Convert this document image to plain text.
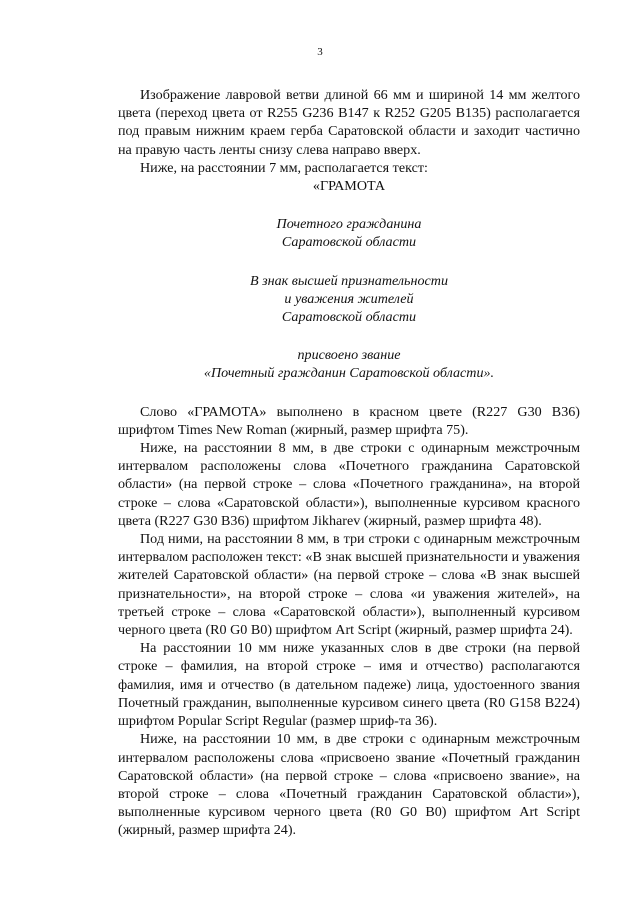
3

Изображение лавровой ветви длиной 66 мм и шириной 14 мм желтого цвета (переход цвета от R255 G236 B147 к R252 G205 B135) располагается под правым нижним краем герба Саратовской области и заходит частично на правую часть ленты снизу слева направо вверх.

Ниже, на расстоянии 7 мм, располагается текст:

«ГРАМОТА

Почетного гражданина

Саратовской области

В знак высшей признательности

и уважения жителей

Саратовской области

присвоено звание

«Почетный гражданин Саратовской области».

Слово «ГРАМОТА» выполнено в красном цвете (R227 G30 B36) шрифтом Times New Roman (жирный, размер шрифта 75).

Ниже, на расстоянии 8 мм, в две строки с одинарным межстрочным интервалом расположены слова «Почетного гражданина Саратовской области» (на первой строке – слова «Почетного гражданина», на второй строке – слова «Саратовской области»), выполненные курсивом красного цвета (R227 G30 B36) шрифтом Jikharev (жирный, размер шрифта 48).

Под ними, на расстоянии 8 мм, в три строки с одинарным межстрочным интервалом расположен текст: «В знак высшей признательности и уважения жителей Саратовской области» (на первой строке – слова «В знак высшей признательности», на второй строке – слова «и уважения жителей», на третьей строке – слова «Саратовской области»), выполненный курсивом черного цвета (R0 G0 B0) шрифтом Art Script (жирный, размер шрифта 24).

На расстоянии 10 мм ниже указанных слов в две строки (на первой строке – фамилия, на второй строке – имя и отчество) располагаются фамилия, имя и отчество (в дательном падеже) лица, удостоенного звания Почетный гражданин, выполненные курсивом синего цвета (R0 G158 B224) шрифтом Popular Script Regular (размер шриф-та 36).

Ниже, на расстоянии 10 мм, в две строки с одинарным межстрочным интервалом расположены слова «присвоено звание «Почетный гражданин Саратовской области» (на первой строке – слова «присвоено звание», на второй строке – слова «Почетный гражданин Саратовской области»), выполненные курсивом черного цвета (R0 G0 B0) шрифтом Art Script (жирный, размер шрифта 24).
